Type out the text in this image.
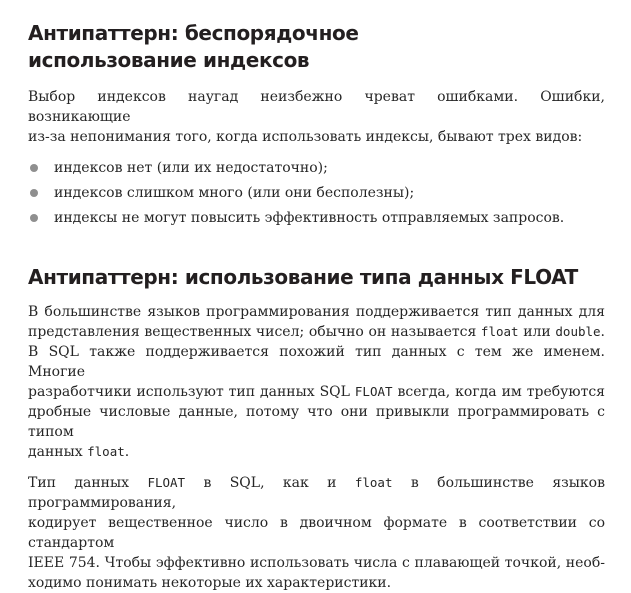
Антипаттерн: беспорядочное
использование индексов

Выбор индексов наугад неизбежно чреват ошибками. Ошибки, возникающие
из-за непонимания того, когда использовать индексы, бывают трех видов:

индексов нет (или их недостаточно);
индексов слишком много (или они бесполезны);
индексы не могут повысить эффективность отправляемых запросов.
Антипаттерн: использование типа данных FLOAT

В большинстве языков программирования поддерживается тип данных для
представления вещественных чисел; обычно он называется float или double.
В SQL также поддерживается похожий тип данных с тем же именем. Многие
разработчики используют тип данных SQL FLOAT всегда, когда им требуются
дробные числовые данные, потому что они привыкли программировать с типом
данных float.

Тип данных FLOAT в SQL, как и float в большинстве языков программирования,
кодирует вещественное число в двоичном формате в соответствии со стандартом
IEEE 754. Чтобы эффективно использовать числа с плавающей точкой, необ-
ходимо понимать некоторые их характеристики.
